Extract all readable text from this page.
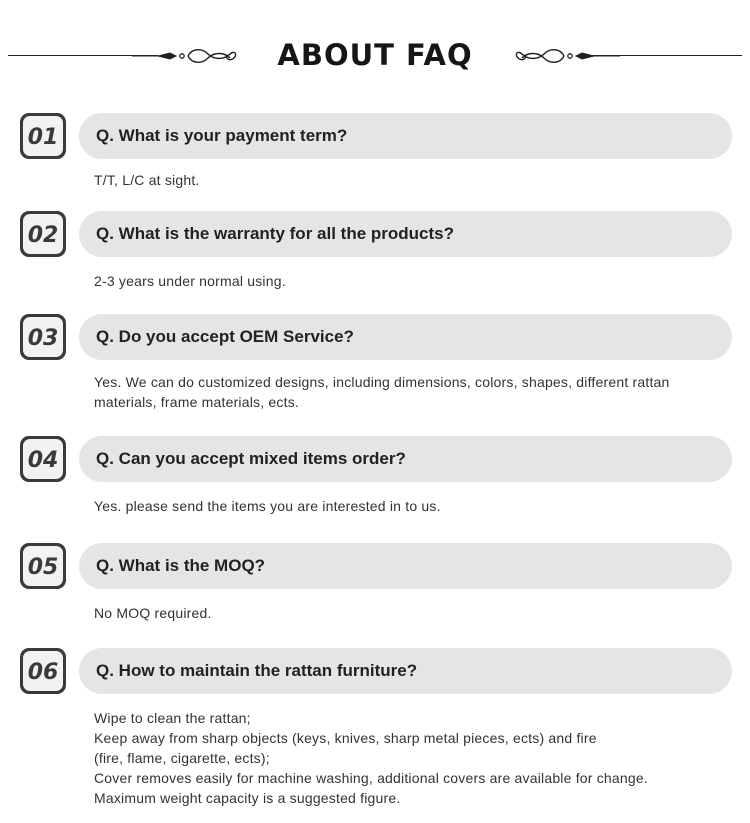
ABOUT FAQ
01	Q. What is your payment term?
T/T, L/C at sight.
02	Q. What is the warranty for all the products?
2-3 years under normal using.
03	Q. Do you accept OEM Service?
Yes. We can do customized designs, including dimensions, colors, shapes, different rattan
materials, frame materials, ects.
04	Q. Can you accept mixed items order?
Yes. please send the items you are interested in to us.
05	Q. What is the MOQ?
No MOQ required.
06	Q. How to maintain the rattan furniture?
Wipe to clean the rattan;
Keep away from sharp objects (keys, knives, sharp metal pieces, ects) and fire
(fire, flame, cigarette, ects);
Cover removes easily for machine washing, additional covers are available for change.
Maximum weight capacity is a suggested figure.
